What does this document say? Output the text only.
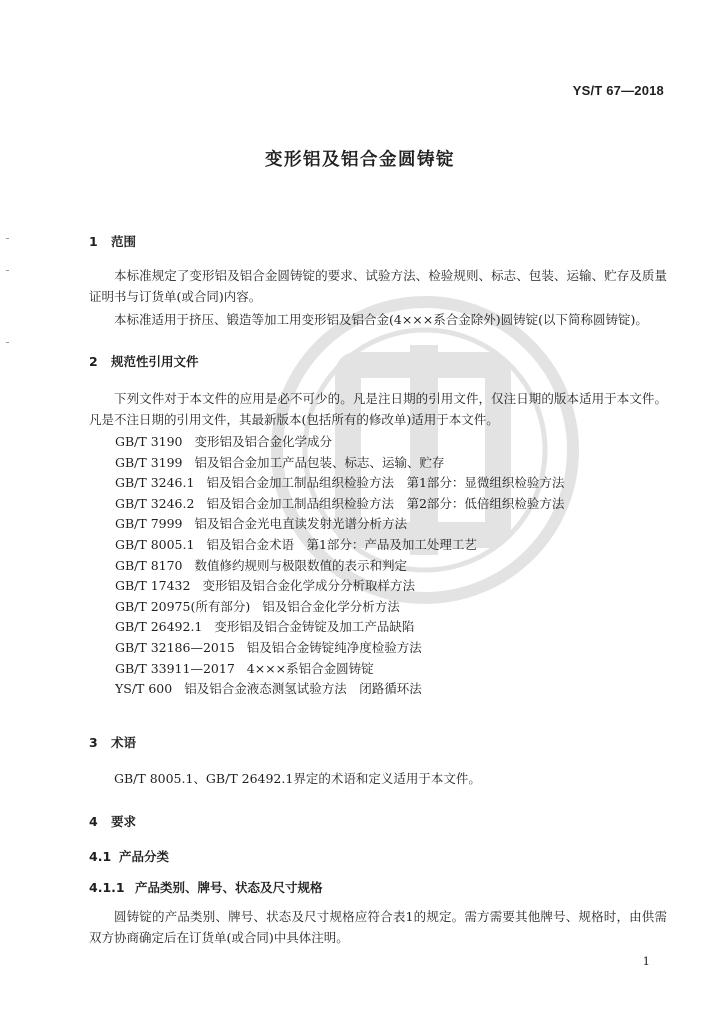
YS/T 67—2018
变形铝及铝合金圆铸锭
1 范围

本标准规定了变形铝及铝合金圆铸锭的要求、试验方法、检验规则、标志、包装、运输、贮存及质量证明书与订货单(或合同)内容。

本标准适用于挤压、锻造等加工用变形铝及铝合金(4×××系合金除外)圆铸锭(以下简称圆铸锭)。

2 规范性引用文件

下列文件对于本文件的应用是必不可少的。凡是注日期的引用文件，仅注日期的版本适用于本文件。凡是不注日期的引用文件，其最新版本(包括所有的修改单)适用于本文件。

GB/T 3190 变形铝及铝合金化学成分
GB/T 3199 铝及铝合金加工产品包装、标志、运输、贮存
GB/T 3246.1 铝及铝合金加工制品组织检验方法　第1部分：显微组织检验方法
GB/T 3246.2 铝及铝合金加工制品组织检验方法　第2部分：低倍组织检验方法
GB/T 7999 铝及铝合金光电直读发射光谱分析方法
GB/T 8005.1 铝及铝合金术语　第1部分：产品及加工处理工艺
GB/T 8170 数值修约规则与极限数值的表示和判定
GB/T 17432 变形铝及铝合金化学成分分析取样方法
GB/T 20975(所有部分) 铝及铝合金化学分析方法
GB/T 26492.1 变形铝及铝合金铸锭及加工产品缺陷
GB/T 32186—2015 铝及铝合金铸锭纯净度检验方法
GB/T 33911—2017 4×××系铝合金圆铸锭
YS/T 600 铝及铝合金液态测氢试验方法　闭路循环法
3 术语

GB/T 8005.1、GB/T 26492.1界定的术语和定义适用于本文件。

4 要求
4.1 产品分类
4.1.1 产品类别、牌号、状态及尺寸规格

圆铸锭的产品类别、牌号、状态及尺寸规格应符合表1的规定。需方需要其他牌号、规格时，由供需双方协商确定后在订货单(或合同)中具体注明。

1
